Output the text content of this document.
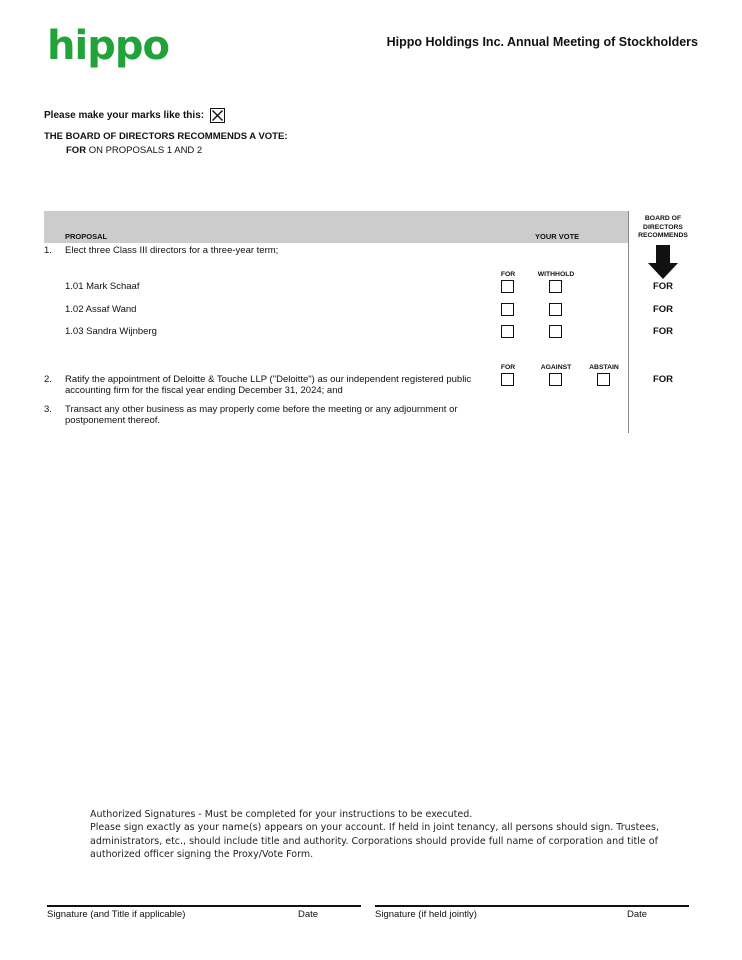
hippo	Hippo Holdings Inc. Annual Meeting of Stockholders
Please make your marks like this:
THE BOARD OF DIRECTORS RECOMMENDS A VOTE:
FOR ON PROPOSALS 1 AND 2
PROPOSAL	YOUR VOTE
BOARD OF
DIRECTORS
RECOMMENDS
1. Elect three Class III directors for a three-year term;
FOR	WITHHOLD
1.01 Mark Schaaf	FOR
1.02 Assaf Wand	FOR
1.03 Sandra Wijnberg	FOR
FOR	AGAINST	ABSTAIN
2. Ratify the appointment of Deloitte & Touche LLP ("Deloitte") as our independent registered public
accounting firm for the fiscal year ending December 31, 2024; and
FOR
3. Transact any other business as may properly come before the meeting or any adjournment or
postponement thereof.
Authorized Signatures - Must be completed for your instructions to be executed.
Please sign exactly as your name(s) appears on your account. If held in joint tenancy, all persons should sign. Trustees,
administrators, etc., should include title and authority. Corporations should provide full name of corporation and title of
authorized officer signing the Proxy/Vote Form.
Signature (and Title if applicable)	Date	Signature (if held jointly)	Date
